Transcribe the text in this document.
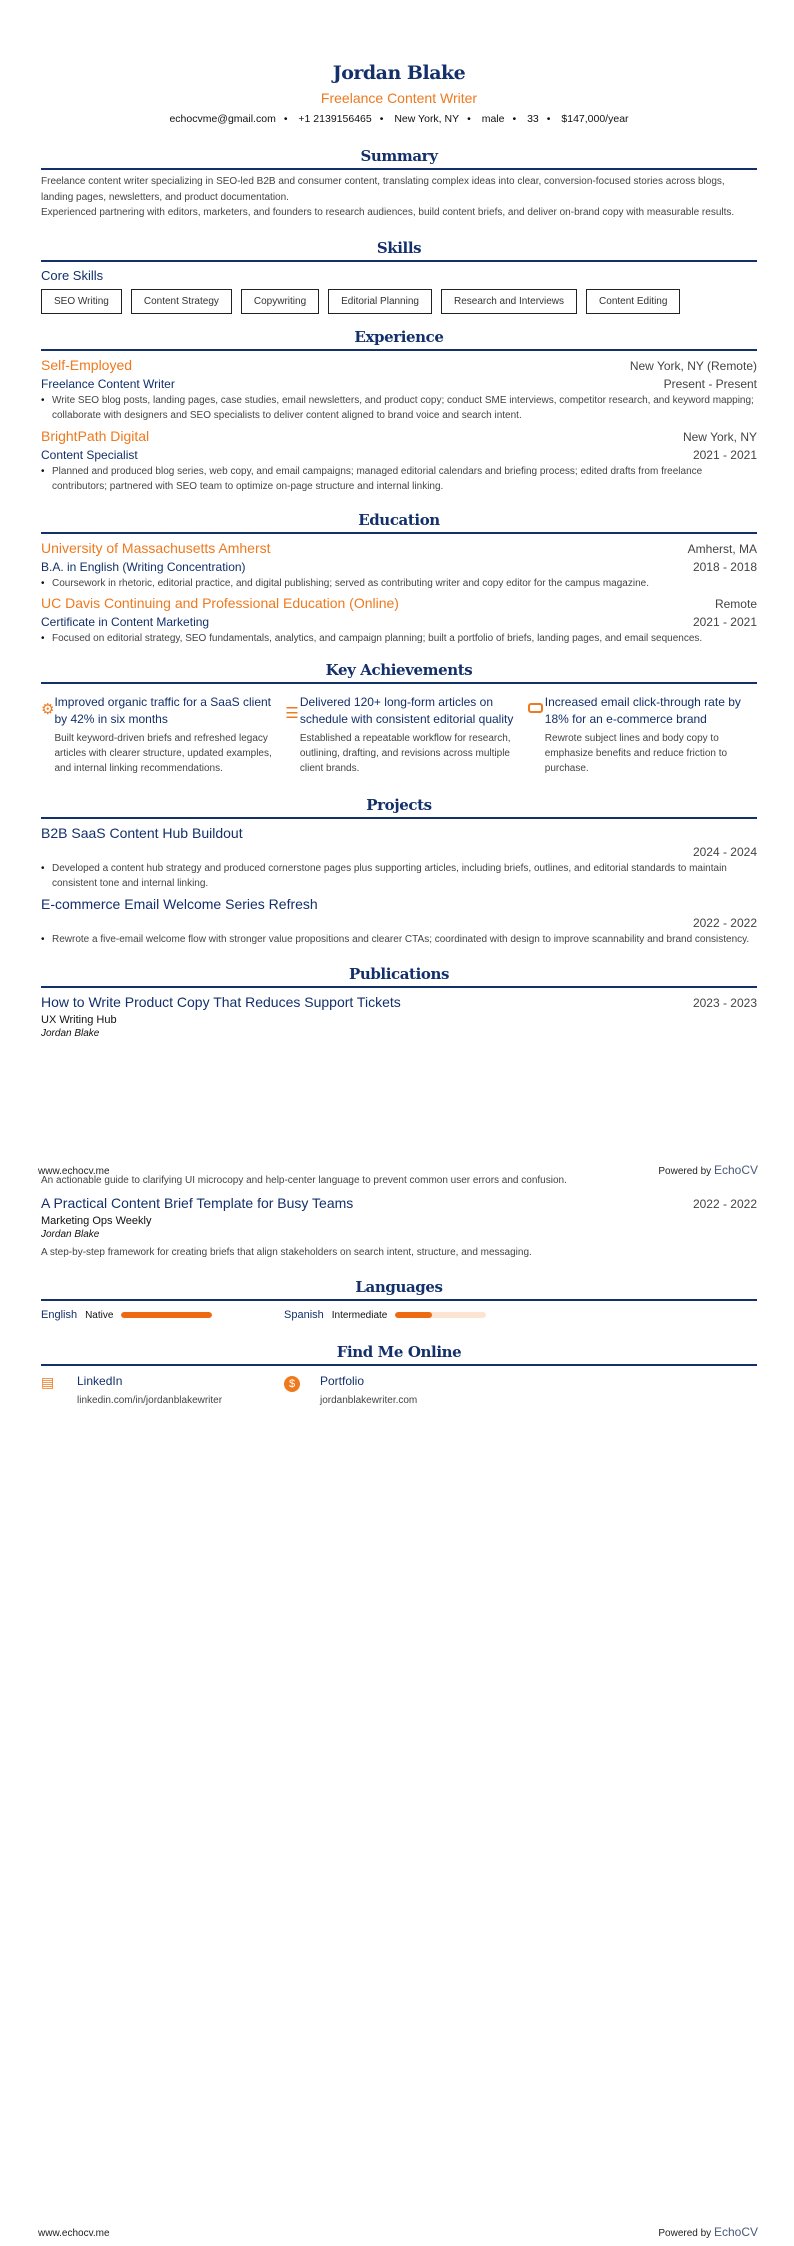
Jordan Blake
Freelance Content Writer
echocvme@gmail.com • +1 2139156465 • New York, NY • male • 33 • $147,000/year
Summary

Freelance content writer specializing in SEO-led B2B and consumer content, translating complex ideas into clear, conversion-focused stories across blogs, landing pages, newsletters, and product documentation.

Experienced partnering with editors, marketers, and founders to research audiences, build content briefs, and deliver on-brand copy with measurable results.

Skills
Core Skills
SEO Writing	Content Strategy	Copywriting	Editorial Planning	Research and Interviews	Content Editing
Experience
Self-Employed	New York, NY (Remote)
Freelance Content Writer	Present - Present
• Write SEO blog posts, landing pages, case studies, email newsletters, and product copy; conduct SME interviews, competitor research, and keyword mapping; collaborate with designers and SEO specialists to deliver content aligned to brand voice and search intent.
BrightPath Digital	New York, NY
Content Specialist	2021 - 2021
• Planned and produced blog series, web copy, and email campaigns; managed editorial calendars and briefing process; edited drafts from freelance contributors; partnered with SEO team to optimize on-page structure and internal linking.
Education
University of Massachusetts Amherst	Amherst, MA
B.A. in English (Writing Concentration)	2018 - 2018
• Coursework in rhetoric, editorial practice, and digital publishing; served as contributing writer and copy editor for the campus magazine.
UC Davis Continuing and Professional Education (Online)	Remote
Certificate in Content Marketing	2021 - 2021
• Focused on editorial strategy, SEO fundamentals, analytics, and campaign planning; built a portfolio of briefs, landing pages, and email sequences.
Key Achievements
⚙ Improved organic traffic for a SaaS client by 42% in six months
Built keyword-driven briefs and refreshed legacy articles with clearer structure, updated examples, and internal linking recommendations.
☰
Delivered 120+ long-form articles on schedule with consistent editorial quality
Established a repeatable workflow for research, outlining, drafting, and revisions across multiple client brands.
Increased email click-through rate by 18% for an e-commerce brand
Rewrote subject lines and body copy to emphasize benefits and reduce friction to purchase.
Projects
B2B SaaS Content Hub Buildout
2024 - 2024
• Developed a content hub strategy and produced cornerstone pages plus supporting articles, including briefs, outlines, and editorial standards to maintain consistent tone and internal linking.
E-commerce Email Welcome Series Refresh
2022 - 2022
• Rewrote a five-email welcome flow with stronger value propositions and clearer CTAs; coordinated with design to improve scannability and brand consistency.
Publications
How to Write Product Copy That Reduces Support Tickets	2023 - 2023
UX Writing Hub
Jordan Blake

An actionable guide to clarifying UI microcopy and help-center language to prevent common user errors and confusion.

A Practical Content Brief Template for Busy Teams	2022 - 2022
Marketing Ops Weekly
Jordan Blake

A step-by-step framework for creating briefs that align stakeholders on search intent, structure, and messaging.

Languages
English Native	Spanish Intermediate
Find Me Online
▤	LinkedIn
linkedin.com/in/jordanblakewriter
$	Portfolio
jordanblakewriter.com
www.echocv.me	Powered by EchoCV
www.echocv.me	Powered by EchoCV
